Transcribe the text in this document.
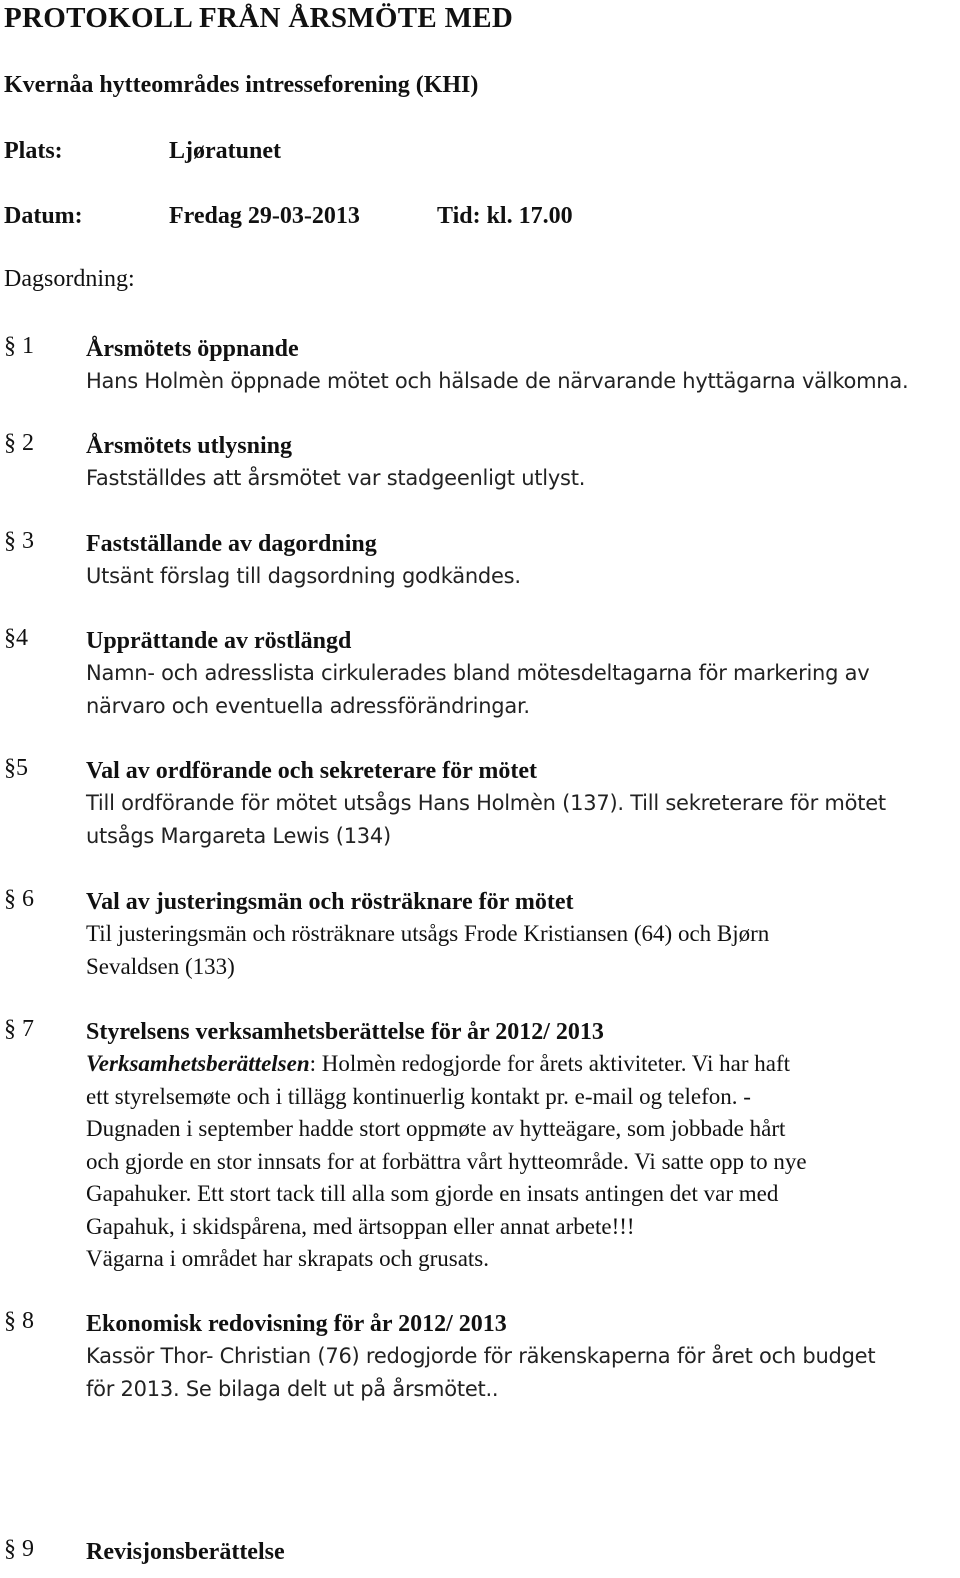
PROTOKOLL FRÅN ÅRSMÖTE MED
Kvernåa hytteområdes intresseforening (KHI)
Plats:	Ljøratunet
Datum:	Fredag 29-03-2013	Tid: kl. 17.00
Dagsordning:
§ 1 Årsmötets öppnande
Hans Holmèn öppnade mötet och hälsade de närvarande hyttägarna välkomna.
§ 2 Årsmötets utlysning
Fastställdes att årsmötet var stadgeenligt utlyst.
§ 3 Fastställande av dagordning
Utsänt förslag till dagsordning godkändes.
§4 Upprättande av röstlängd
Namn- och adresslista cirkulerades bland mötesdeltagarna för markering av
närvaro och eventuella adressförändringar.
§5 Val av ordförande och sekreterare för mötet
Till ordförande för mötet utsågs Hans Holmèn (137). Till sekreterare för mötet
utsågs Margareta Lewis (134)
§ 6 Val av justeringsmän och rösträknare för mötet
Til justeringsmän och rösträknare utsågs Frode Kristiansen (64) och Bjørn
Sevaldsen (133)
§ 7 Styrelsens verksamhetsberättelse för år 2012/ 2013
Verksamhetsberättelsen: Holmèn redogjorde for årets aktiviteter. Vi har haft
ett styrelsemøte och i tillägg kontinuerlig kontakt pr. e-mail og telefon. -
Dugnaden i september hadde stort oppmøte av hytteägare, som jobbade hårt
och gjorde en stor innsats for at forbättra vårt hytteområde. Vi satte opp to nye
Gapahuker. Ett stort tack till alla som gjorde en insats antingen det var med
Gapahuk, i skidspårena, med ärtsoppan eller annat arbete!!!
Vägarna i området har skrapats och grusats.
§ 8 Ekonomisk redovisning för år 2012/ 2013
Kassör Thor- Christian (76) redogjorde för räkenskaperna för året och budget
för 2013. Se bilaga delt ut på årsmötet..
§ 9 Revisjonsberättelse
